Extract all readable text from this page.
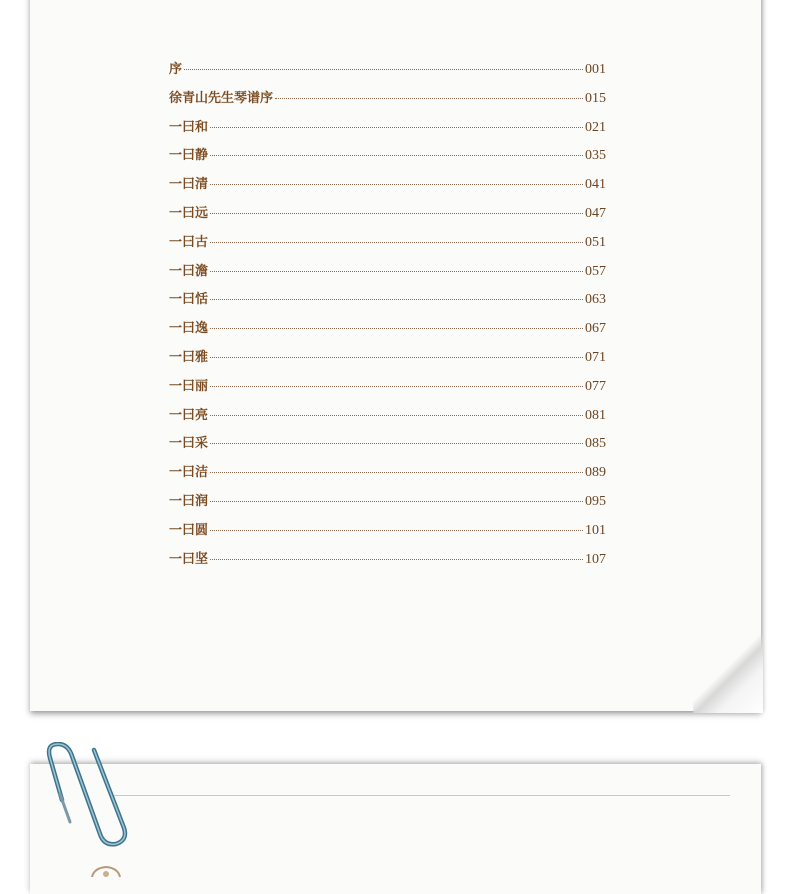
序	001
徐青山先生琴谱序	015
一曰和	021
一曰静	035
一曰清	041
一曰远	047
一曰古	051
一曰澹	057
一曰恬	063
一曰逸	067
一曰雅	071
一曰丽	077
一曰亮	081
一曰采	085
一曰洁	089
一曰润	095
一曰圆	101
一曰坚	107
